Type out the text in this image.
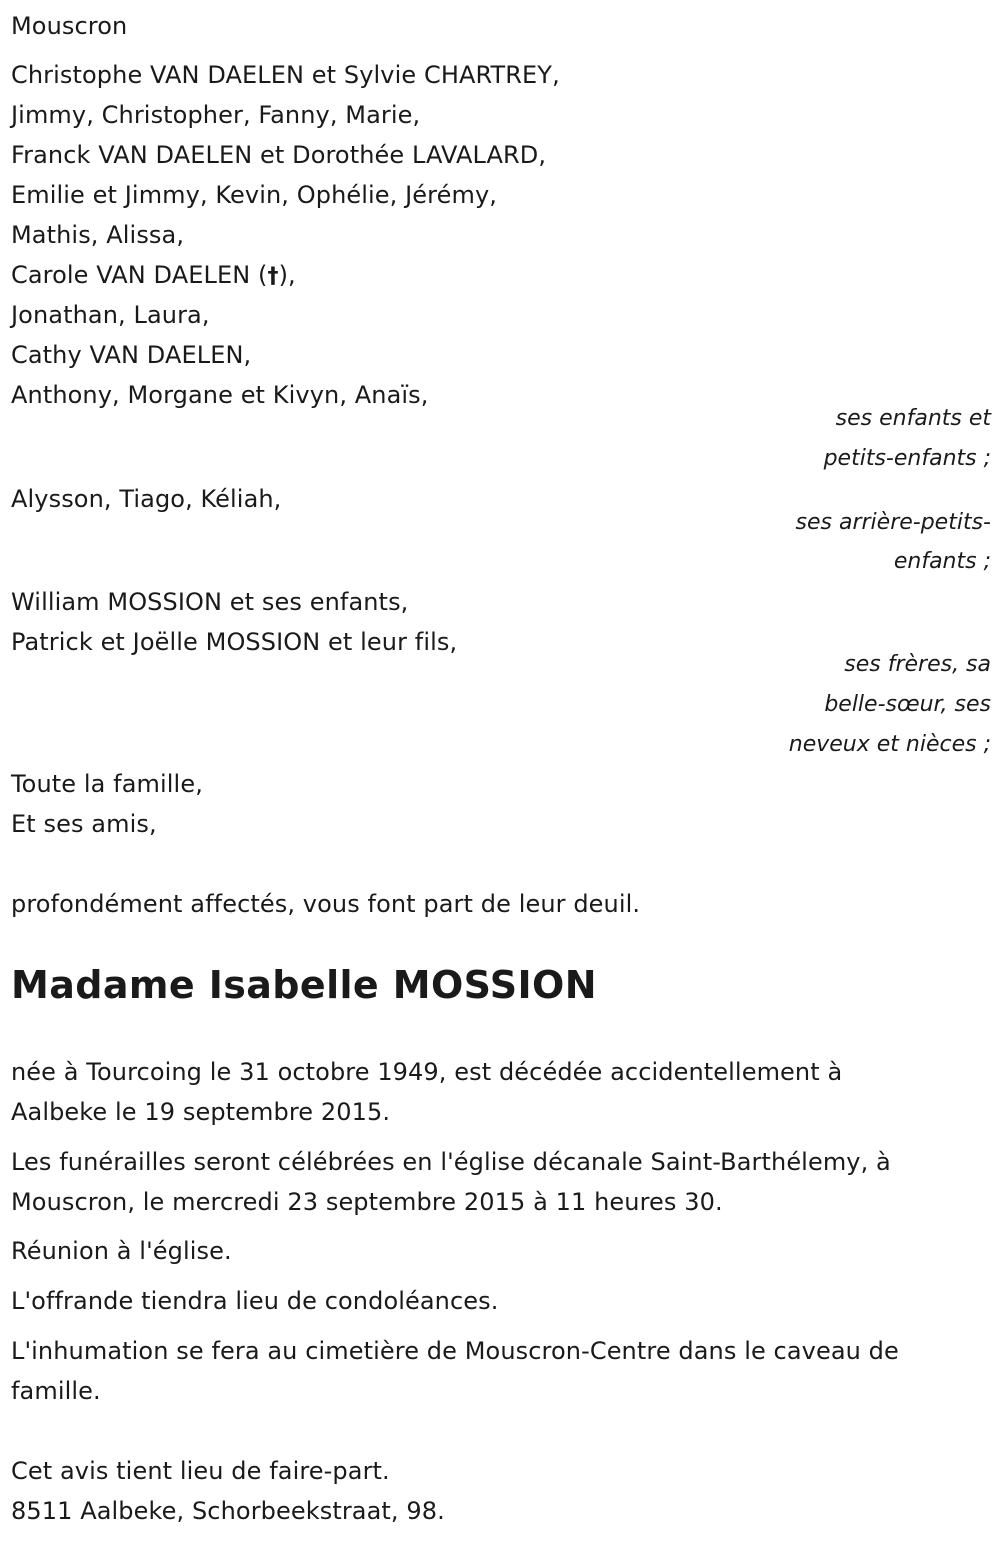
Mouscron
Christophe VAN DAELEN et Sylvie CHARTREY,
Jimmy, Christopher, Fanny, Marie,
Franck VAN DAELEN et Dorothée LAVALARD,
Emilie et Jimmy, Kevin, Ophélie, Jérémy,
Mathis, Alissa,
Carole VAN DAELEN (†),
Jonathan, Laura,
Cathy VAN DAELEN,
Anthony, Morgane et Kivyn, Anaïs,
ses enfants et
petits-enfants ;
Alysson, Tiago, Kéliah,
ses arrière-petits-
enfants ;
William MOSSION et ses enfants,
Patrick et Joëlle MOSSION et leur fils,
ses frères, sa
belle-sœur, ses
neveux et nièces ;
Toute la famille,
Et ses amis,
profondément affectés, vous font part de leur deuil.
Madame Isabelle MOSSION
née à Tourcoing le 31 octobre 1949, est décédée accidentellement à
Aalbeke le 19 septembre 2015.
Les funérailles seront célébrées en l'église décanale Saint-Barthélemy, à
Mouscron, le mercredi 23 septembre 2015 à 11 heures 30.
Réunion à l'église.
L'offrande tiendra lieu de condoléances.
L'inhumation se fera au cimetière de Mouscron-Centre dans le caveau de
famille.
Cet avis tient lieu de faire-part.
8511 Aalbeke, Schorbeekstraat, 98.
